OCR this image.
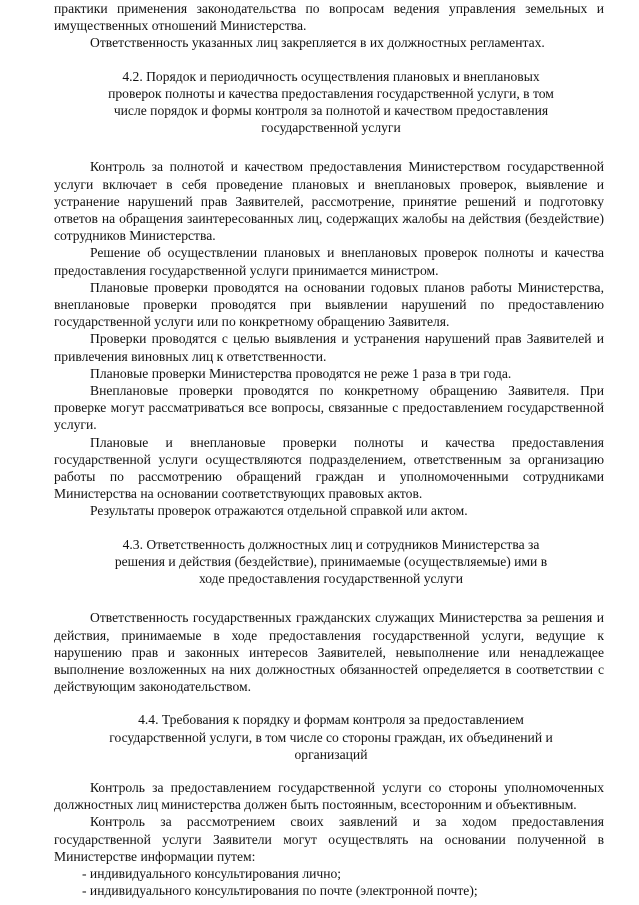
практики применения законодательства по вопросам ведения управления земельных и имущественных отношений Министерства.

Ответственность указанных лиц закрепляется в их должностных регламентах.

4.2. Порядок и периодичность осуществления плановых и внеплановых проверок полноты и качества предоставления государственной услуги, в том числе порядок и формы контроля за полнотой и качеством предоставления государственной услуги

Контроль за полнотой и качеством предоставления Министерством государственной услуги включает в себя проведение плановых и внеплановых проверок, выявление и устранение нарушений прав Заявителей, рассмотрение, принятие решений и подготовку ответов на обращения заинтересованных лиц, содержащих жалобы на действия (бездействие) сотрудников Министерства.

Решение об осуществлении плановых и внеплановых проверок полноты и качества предоставления государственной услуги принимается министром.

Плановые проверки проводятся на основании годовых планов работы Министерства, внеплановые проверки проводятся при выявлении нарушений по предоставлению государственной услуги или по конкретному обращению Заявителя.

Проверки проводятся с целью выявления и устранения нарушений прав Заявителей и привлечения виновных лиц к ответственности.

Плановые проверки Министерства проводятся не реже 1 раза в три года.

Внеплановые проверки проводятся по конкретному обращению Заявителя. При проверке могут рассматриваться все вопросы, связанные с предоставлением государственной услуги.

Плановые и внеплановые проверки полноты и качества предоставления государственной услуги осуществляются подразделением, ответственным за организацию работы по рассмотрению обращений граждан и уполномоченными сотрудниками Министерства на основании соответствующих правовых актов.

Результаты проверок отражаются отдельной справкой или актом.

4.3. Ответственность должностных лиц и сотрудников Министерства за решения и действия (бездействие), принимаемые (осуществляемые) ими в ходе предоставления государственной услуги

Ответственность государственных гражданских служащих Министерства за решения и действия, принимаемые в ходе предоставления государственной услуги, ведущие к нарушению прав и законных интересов Заявителей, невыполнение или ненадлежащее выполнение возложенных на них должностных обязанностей определяется в соответствии с действующим законодательством.

4.4. Требования к порядку и формам контроля за предоставлением государственной услуги, в том числе со стороны граждан, их объединений и организаций

Контроль за предоставлением государственной услуги со стороны уполномоченных должностных лиц министерства должен быть постоянным, всесторонним и объективным.

Контроль за рассмотрением своих заявлений и за ходом предоставления государственной услуги Заявители могут осуществлять на основании полученной в Министерстве информации путем:

- индивидуального консультирования лично;
- индивидуального консультирования по почте (электронной почте);
